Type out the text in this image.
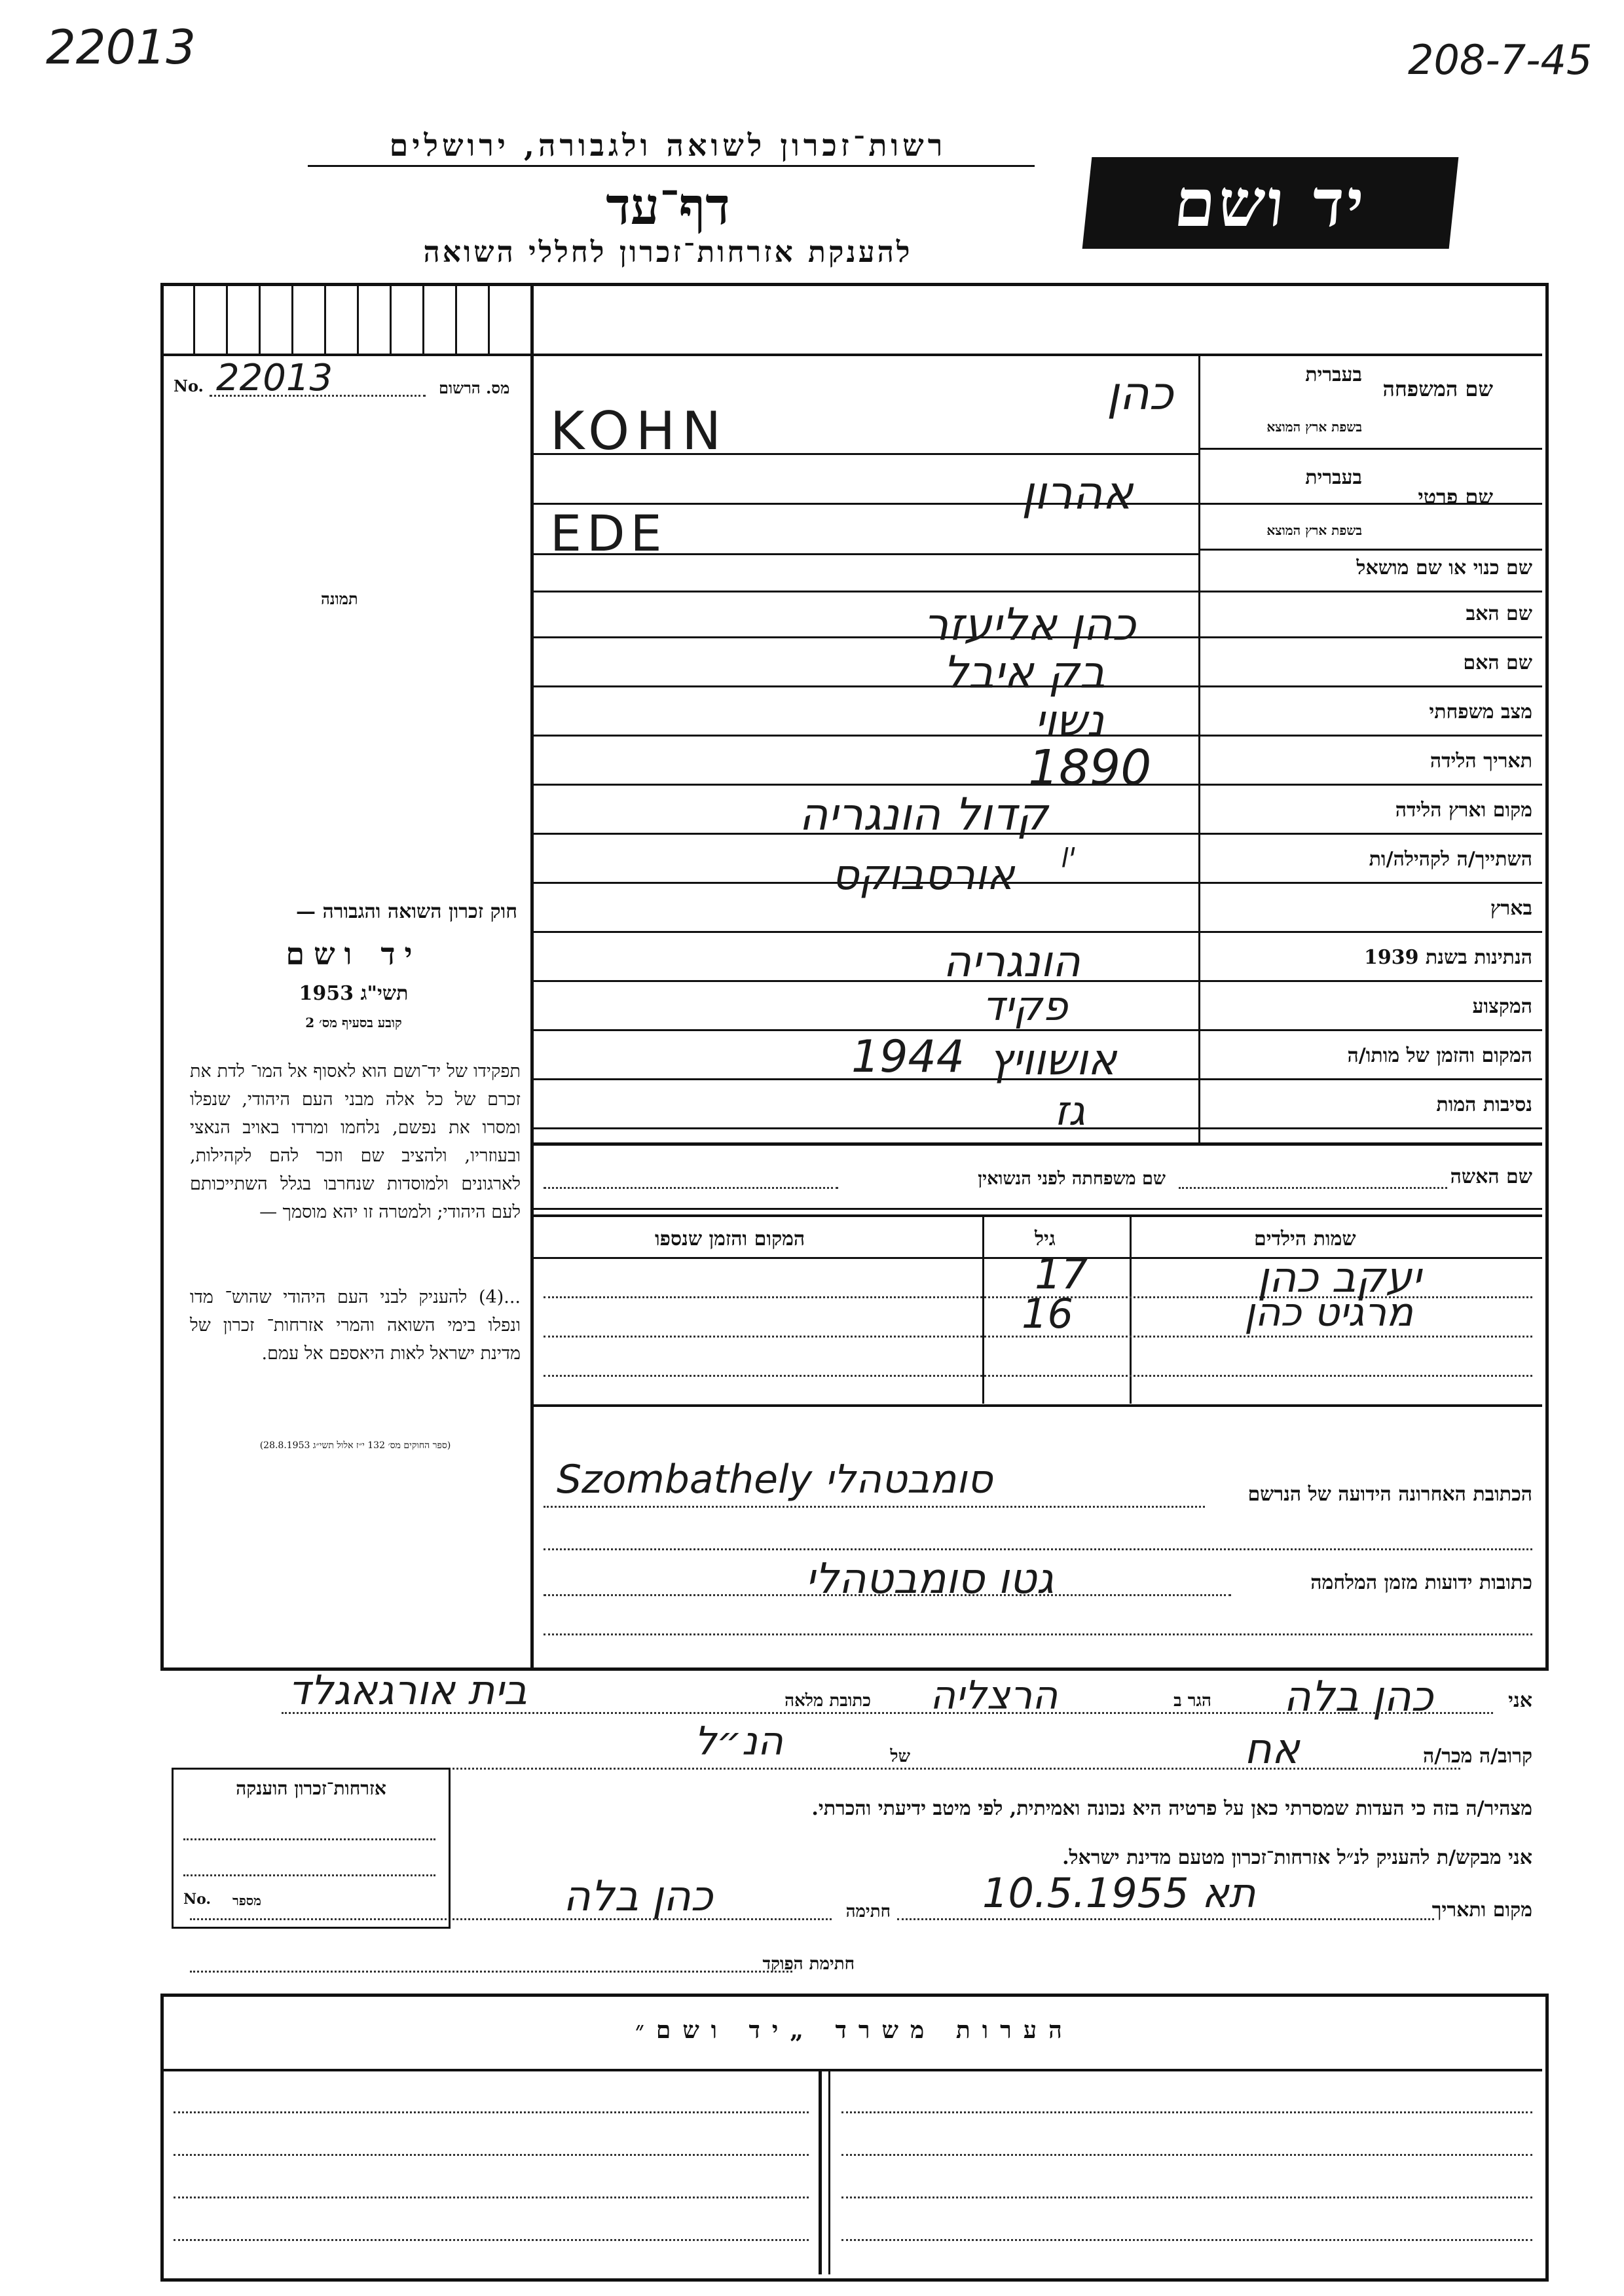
22013	208-7-45
רשות־זכרון לשואה ולגבורה, ירושלים
דף־עד
להענקת אזרחות־זכרון לחללי השואה
יד ושם
No. 22013	מס. הרשום
תמונה
חוק זכרון השואה והגבורה —
יד ושם
תשי"ג 1953
קובע בסעיף מס׳ 2
תפקידו של יד־ושם הוא לאסוף אל המו־ לדת את זכרם של כל אלה מבני העם היהודי, שנפלו ומסרו את נפשם, נלחמו ומרדו באויב הנאצי ובעוזריו, ולהציב שם וזכר להם לקהילות, לארגונים ולמוסדות שנחרבו בגלל השתייכותם לעם היהודי; ולמטרה זו יהא מוסמך —
...(4) להעניק לבני העם היהודי שהוש־ מדו ונפלו בימי השואה והמרי אזרחות־ זכרון של מדינת ישראל לאות היאספם אל עמם.
(ספר החוקים מס׳ 132 י״ז אלול תשי״ג 28.8.1953)
שם המשפחה
בעברית
בשפת ארץ המוצא
כהן
KOHN
שם פרטי
בעברית
בשפת ארץ המוצא
אהרון
EDE
שם כנוי או שם מושאל
שם האב
שם האם
מצב משפחתי
תאריך הלידה
מקום וארץ הלידה
השתייך/ה לקהילה/ות
בארץ
הנתינות בשנת 1939
המקצוע
המקום והזמן של מותו/ה
נסיבות המות
כהן אליעזר
בק איבל
נשוי
1890
קדול הונגריה
ין
אורסבוקס
הונגריה
פקיד
1944 אושוויץ
גז
שם האשה
שם משפחתה לפני הנשואין
שמות הילדים
גיל
המקום והזמן שנספו
יעקב כהן
17
מרגיט כהן
16
הכתובת האחרונה הידועה של הנרשם
Szombathely סומבטהלי
כתובות ידועות מזמן המלחמה
גטו סומבטהלי
אני
כהן בלה
הגר ב
הרצליה
כתובת מלאה
בית אורגאגלד
קרוב/ה מכר/ה
אח
של
הנ״ל
מצהיר/ה בזה כי העדות שמסרתי כאן על פרטיה היא נכונה ואמיתית, לפי מיטב ידיעתי והכרתי.
אני מבקש/ת להעניק לנ״ל אזרחות־זכרון מטעם מדינת ישראל.
מקום ותאריך
תא 10.5.1955
חתימה
כהן בלה
חתימת הפוקד
אזרחות־זכרון הוענקה
No. מספר
הערות משרד „יד ושם״
